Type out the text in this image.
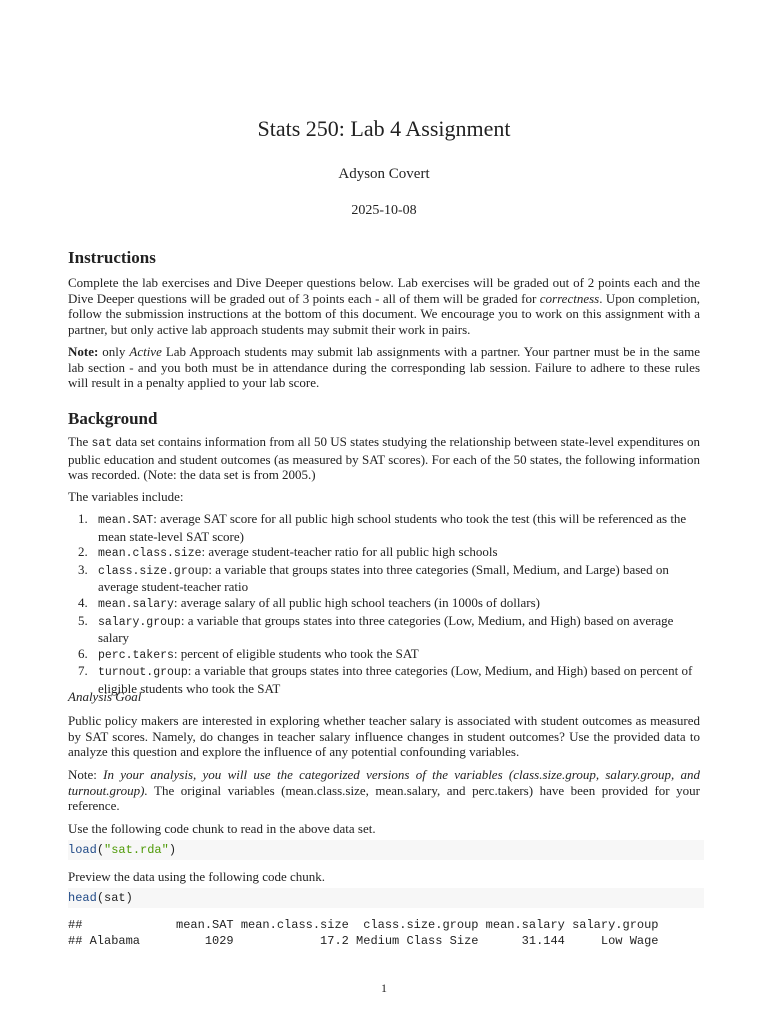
Stats 250: Lab 4 Assignment
Adyson Covert
2025-10-08
Instructions

Complete the lab exercises and Dive Deeper questions below. Lab exercises will be graded out of 2 points each and the Dive Deeper questions will be graded out of 3 points each - all of them will be graded for correctness. Upon completion, follow the submission instructions at the bottom of this document. We encourage you to work on this assignment with a partner, but only active lab approach students may submit their work in pairs.

Note: only Active Lab Approach students may submit lab assignments with a partner. Your partner must be in the same lab section - and you both must be in attendance during the corresponding lab session. Failure to adhere to these rules will result in a penalty applied to your lab score.

Background

The sat data set contains information from all 50 US states studying the relationship between state-level expenditures on public education and student outcomes (as measured by SAT scores). For each of the 50 states, the following information was recorded. (Note: the data set is from 2005.)

The variables include:

1. mean.SAT: average SAT score for all public high school students who took the test (this will be referenced as the mean state-level SAT score)
2. mean.class.size: average student-teacher ratio for all public high schools
3. class.size.group: a variable that groups states into three categories (Small, Medium, and Large) based on average student-teacher ratio
4. mean.salary: average salary of all public high school teachers (in 1000s of dollars)
5. salary.group: a variable that groups states into three categories (Low, Medium, and High) based on average salary
6. perc.takers: percent of eligible students who took the SAT
7. turnout.group: a variable that groups states into three categories (Low, Medium, and High) based on percent of eligible students who took the SAT

Analysis Goal

Public policy makers are interested in exploring whether teacher salary is associated with student outcomes as measured by SAT scores. Namely, do changes in teacher salary influence changes in student outcomes? Use the provided data to analyze this question and explore the influence of any potential confounding variables.

Note: In your analysis, you will use the categorized versions of the variables (class.size.group, salary.group, and turnout.group). The original variables (mean.class.size, mean.salary, and perc.takers) have been provided for your reference.

Use the following code chunk to read in the above data set.

load("sat.rda")

Preview the data using the following code chunk.

head(sat)
##             mean.SAT mean.class.size  class.size.group mean.salary salary.group
## Alabama         1029            17.2 Medium Class Size      31.144     Low Wage
1
